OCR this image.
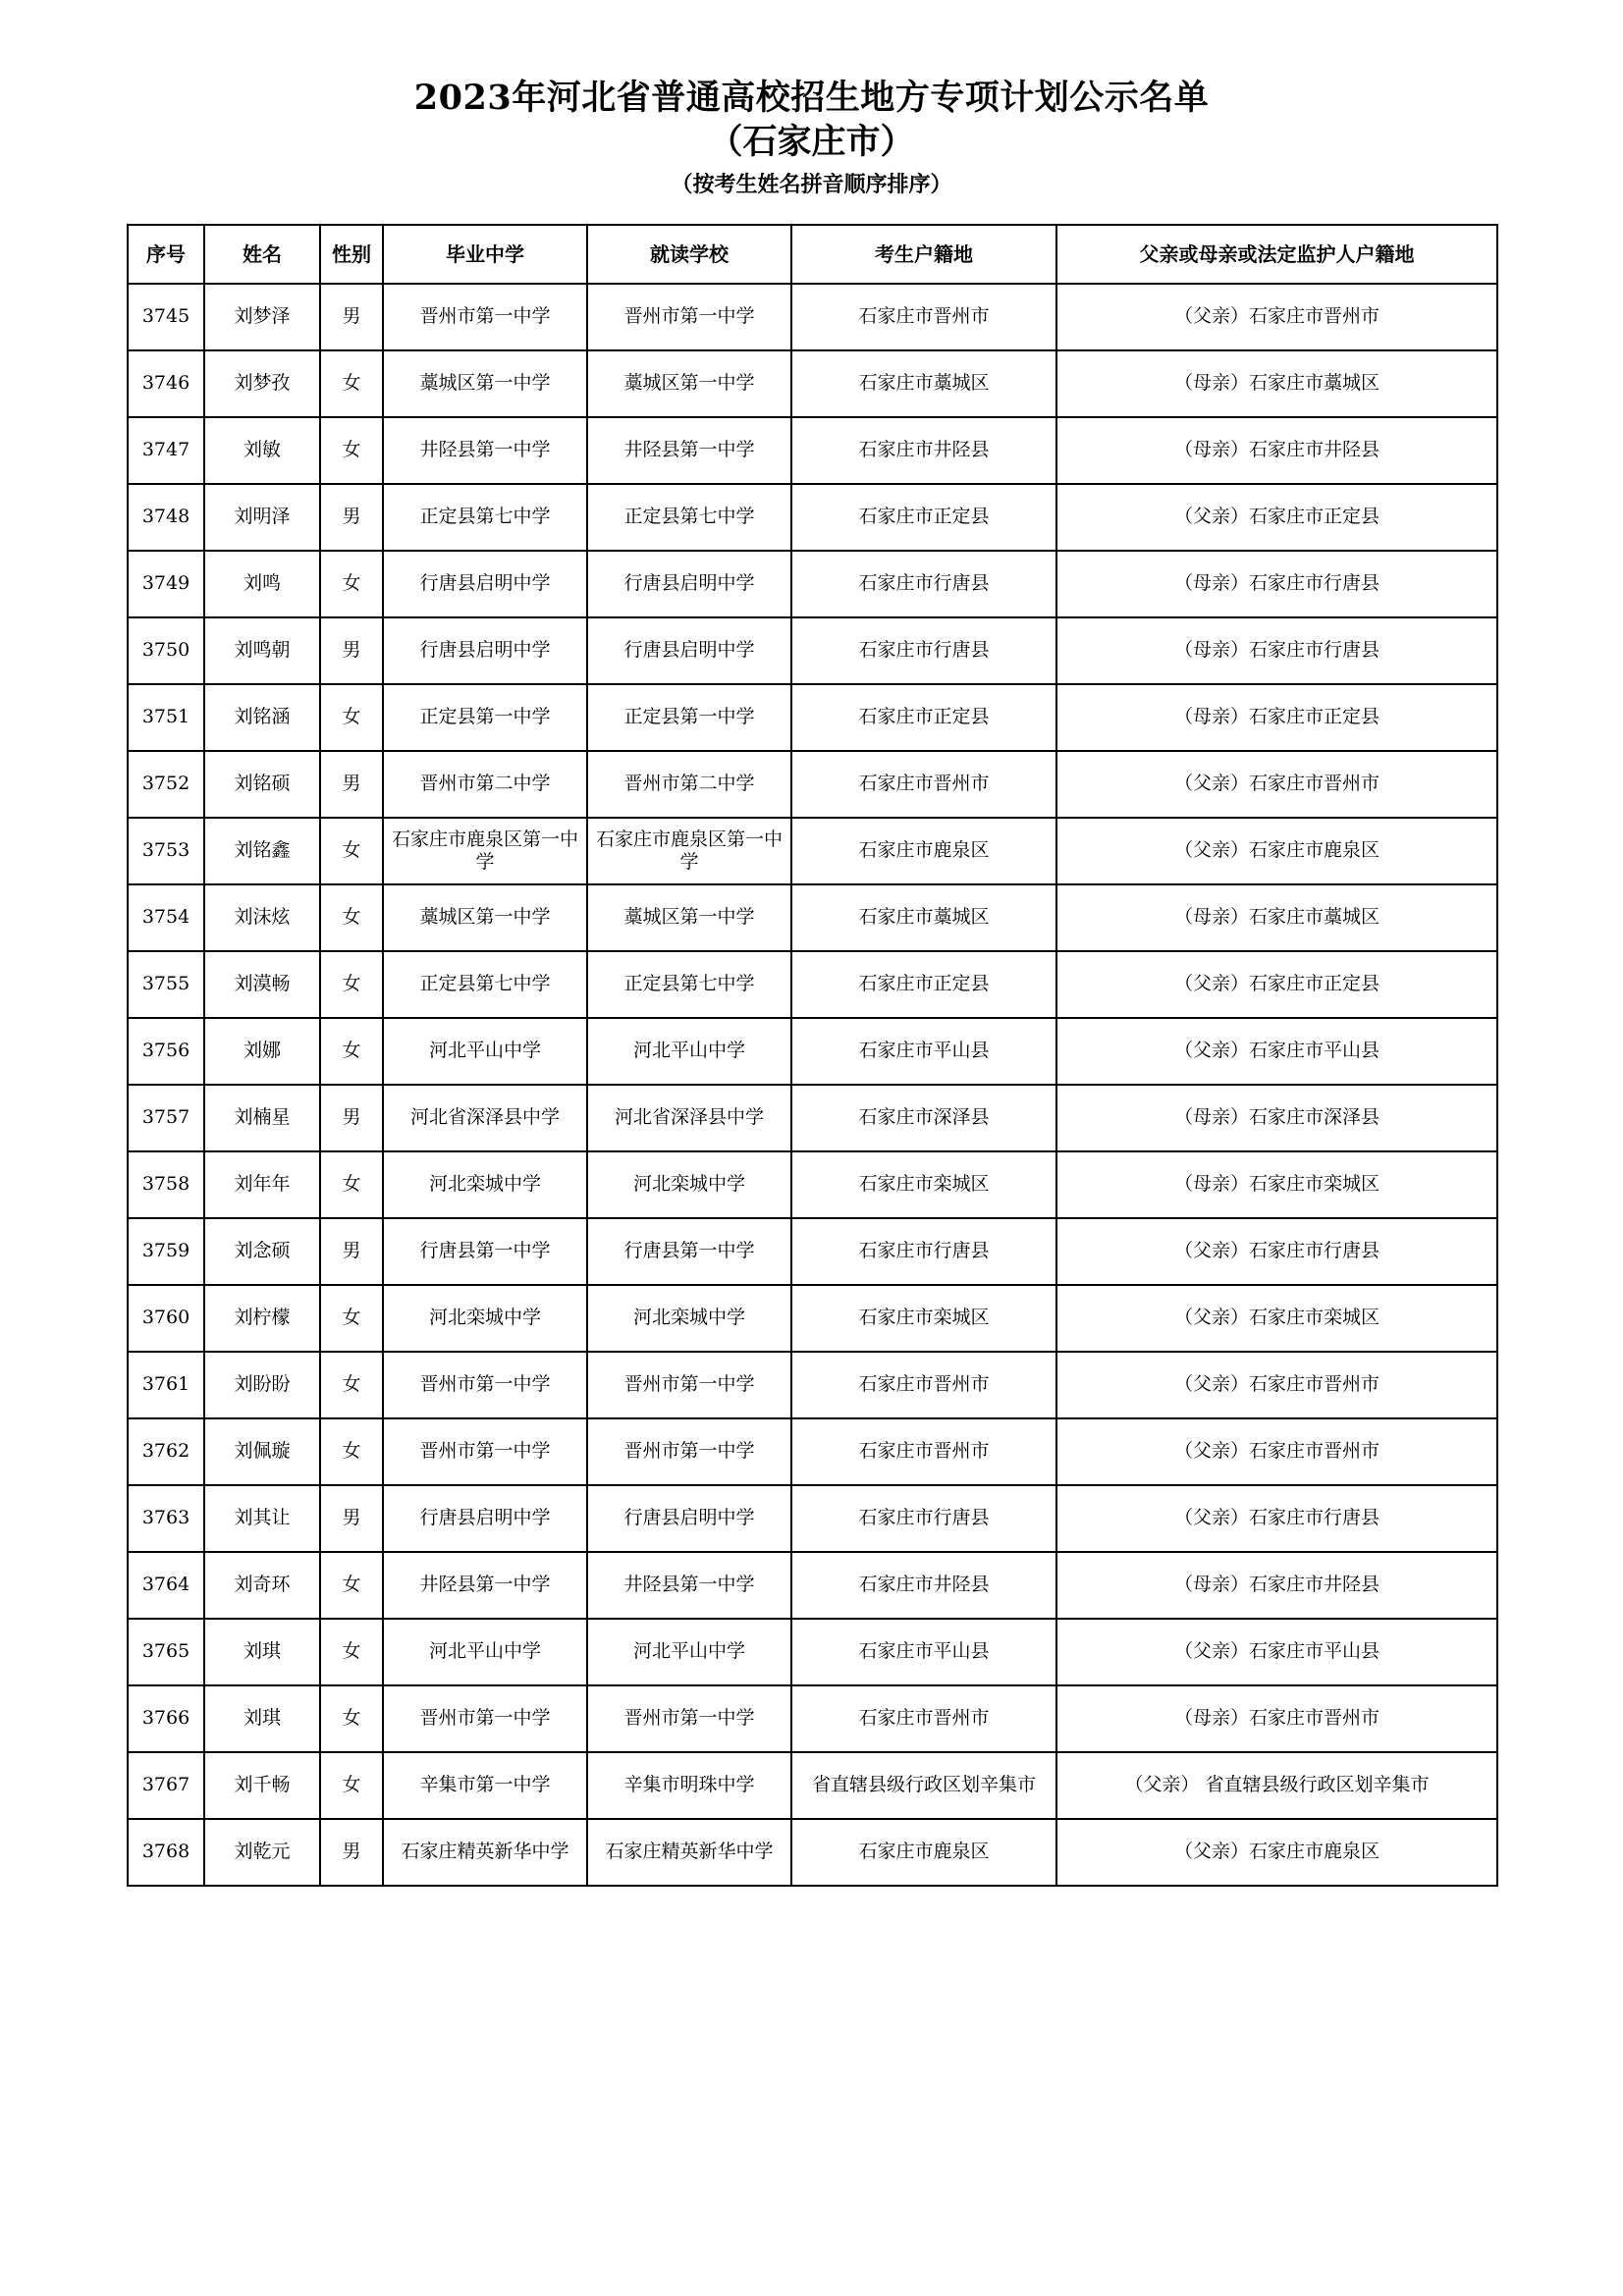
2023年河北省普通高校招生地方专项计划公示名单
（石家庄市）
（按考生姓名拼音顺序排序）
序号	姓名	性别	毕业中学	就读学校	考生户籍地	父亲或母亲或法定监护人户籍地
3745	刘梦泽	男	晋州市第一中学	晋州市第一中学	石家庄市晋州市	（父亲）石家庄市晋州市
3746	刘梦孜	女	藁城区第一中学	藁城区第一中学	石家庄市藁城区	（母亲）石家庄市藁城区
3747	刘敏	女	井陉县第一中学	井陉县第一中学	石家庄市井陉县	（母亲）石家庄市井陉县
3748	刘明泽	男	正定县第七中学	正定县第七中学	石家庄市正定县	（父亲）石家庄市正定县
3749	刘鸣	女	行唐县启明中学	行唐县启明中学	石家庄市行唐县	（母亲）石家庄市行唐县
3750	刘鸣朝	男	行唐县启明中学	行唐县启明中学	石家庄市行唐县	（母亲）石家庄市行唐县
3751	刘铭涵	女	正定县第一中学	正定县第一中学	石家庄市正定县	（母亲）石家庄市正定县
3752	刘铭硕	男	晋州市第二中学	晋州市第二中学	石家庄市晋州市	（父亲）石家庄市晋州市
3753	刘铭鑫	女	石家庄市鹿泉区第一中学	石家庄市鹿泉区第一中学	石家庄市鹿泉区	（父亲）石家庄市鹿泉区
3754	刘沫炫	女	藁城区第一中学	藁城区第一中学	石家庄市藁城区	（母亲）石家庄市藁城区
3755	刘漠畅	女	正定县第七中学	正定县第七中学	石家庄市正定县	（父亲）石家庄市正定县
3756	刘娜	女	河北平山中学	河北平山中学	石家庄市平山县	（父亲）石家庄市平山县
3757	刘楠星	男	河北省深泽县中学	河北省深泽县中学	石家庄市深泽县	（母亲）石家庄市深泽县
3758	刘年年	女	河北栾城中学	河北栾城中学	石家庄市栾城区	（母亲）石家庄市栾城区
3759	刘念硕	男	行唐县第一中学	行唐县第一中学	石家庄市行唐县	（父亲）石家庄市行唐县
3760	刘柠檬	女	河北栾城中学	河北栾城中学	石家庄市栾城区	（父亲）石家庄市栾城区
3761	刘盼盼	女	晋州市第一中学	晋州市第一中学	石家庄市晋州市	（父亲）石家庄市晋州市
3762	刘佩璇	女	晋州市第一中学	晋州市第一中学	石家庄市晋州市	（父亲）石家庄市晋州市
3763	刘其让	男	行唐县启明中学	行唐县启明中学	石家庄市行唐县	（父亲）石家庄市行唐县
3764	刘奇环	女	井陉县第一中学	井陉县第一中学	石家庄市井陉县	（母亲）石家庄市井陉县
3765	刘琪	女	河北平山中学	河北平山中学	石家庄市平山县	（父亲）石家庄市平山县
3766	刘琪	女	晋州市第一中学	晋州市第一中学	石家庄市晋州市	（母亲）石家庄市晋州市
3767	刘千畅	女	辛集市第一中学	辛集市明珠中学	省直辖县级行政区划辛集市	（父亲） 省直辖县级行政区划辛集市
3768	刘乾元	男	石家庄精英新华中学	石家庄精英新华中学	石家庄市鹿泉区	（父亲）石家庄市鹿泉区
